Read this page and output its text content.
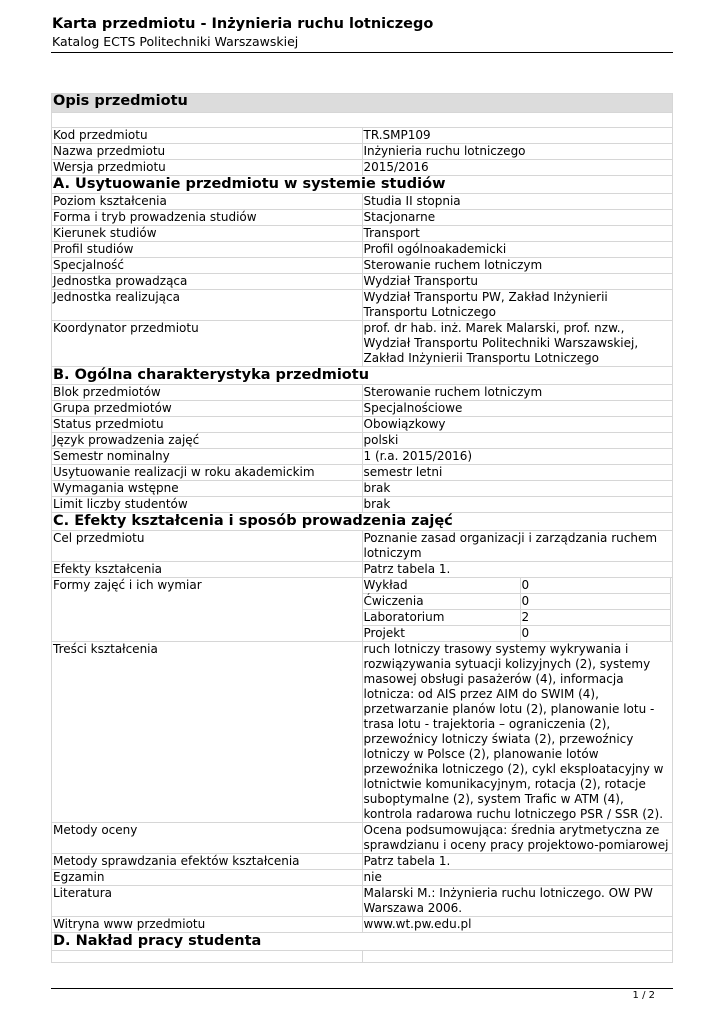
Karta przedmiotu - Inżynieria ruchu lotniczego
Katalog ECTS Politechniki Warszawskiej
Opis przedmiotu

Kod przedmiotu	TR.SMP109
Nazwa przedmiotu	Inżynieria ruchu lotniczego
Wersja przedmiotu	2015/2016
A. Usytuowanie przedmiotu w systemie studiów
Poziom kształcenia	Studia II stopnia
Forma i tryb prowadzenia studiów	Stacjonarne
Kierunek studiów	Transport
Profil studiów	Profil ogólnoakademicki
Specjalność	Sterowanie ruchem lotniczym
Jednostka prowadząca	Wydział Transportu
Jednostka realizująca	Wydział Transportu PW, Zakład Inżynierii Transportu Lotniczego
Koordynator przedmiotu	prof. dr hab. inż. Marek Malarski, prof. nzw., Wydział Transportu Politechniki Warszawskiej, Zakład Inżynierii Transportu Lotniczego
B. Ogólna charakterystyka przedmiotu
Blok przedmiotów	Sterowanie ruchem lotniczym
Grupa przedmiotów	Specjalnościowe
Status przedmiotu	Obowiązkowy
Język prowadzenia zajęć	polski
Semestr nominalny	1 (r.a. 2015/2016)
Usytuowanie realizacji w roku akademickim	semestr letni
Wymagania wstępne	brak
Limit liczby studentów	brak
C. Efekty kształcenia i sposób prowadzenia zajęć
Cel przedmiotu	Poznanie zasad organizacji i zarządzania ruchem lotniczym
Efekty kształcenia	Patrz tabela 1.
Formy zajęć i ich wymiar		Wykład	0
Ćwiczenia	0
Laboratorium	2
Projekt	0

Treści kształcenia	ruch lotniczy trasowy systemy wykrywania i rozwiązywania sytuacji kolizyjnych (2), systemy masowej obsługi pasażerów (4), informacja lotnicza: od AIS przez AIM do SWIM (4), przetwarzanie planów lotu (2), planowanie lotu - trasa lotu - trajektoria – ograniczenia (2), przewoźnicy lotniczy świata (2), przewoźnicy lotniczy w Polsce (2), planowanie lotów przewoźnika lotniczego (2), cykl eksploatacyjny w lotnictwie komunikacyjnym, rotacja (2), rotacje suboptymalne (2), system Trafic w ATM (4), kontrola radarowa ruchu lotniczego PSR / SSR (2).
Metody oceny	Ocena podsumowująca: średnia arytmetyczna ze sprawdzianu i oceny pracy projektowo-pomiarowej
Metody sprawdzania efektów kształcenia	Patrz tabela 1.
Egzamin	nie
Literatura	Malarski M.: Inżynieria ruchu lotniczego. OW PW Warszawa 2006.
Witryna www przedmiotu	www.wt.pw.edu.pl
D. Nakład pracy studenta

1 / 2
